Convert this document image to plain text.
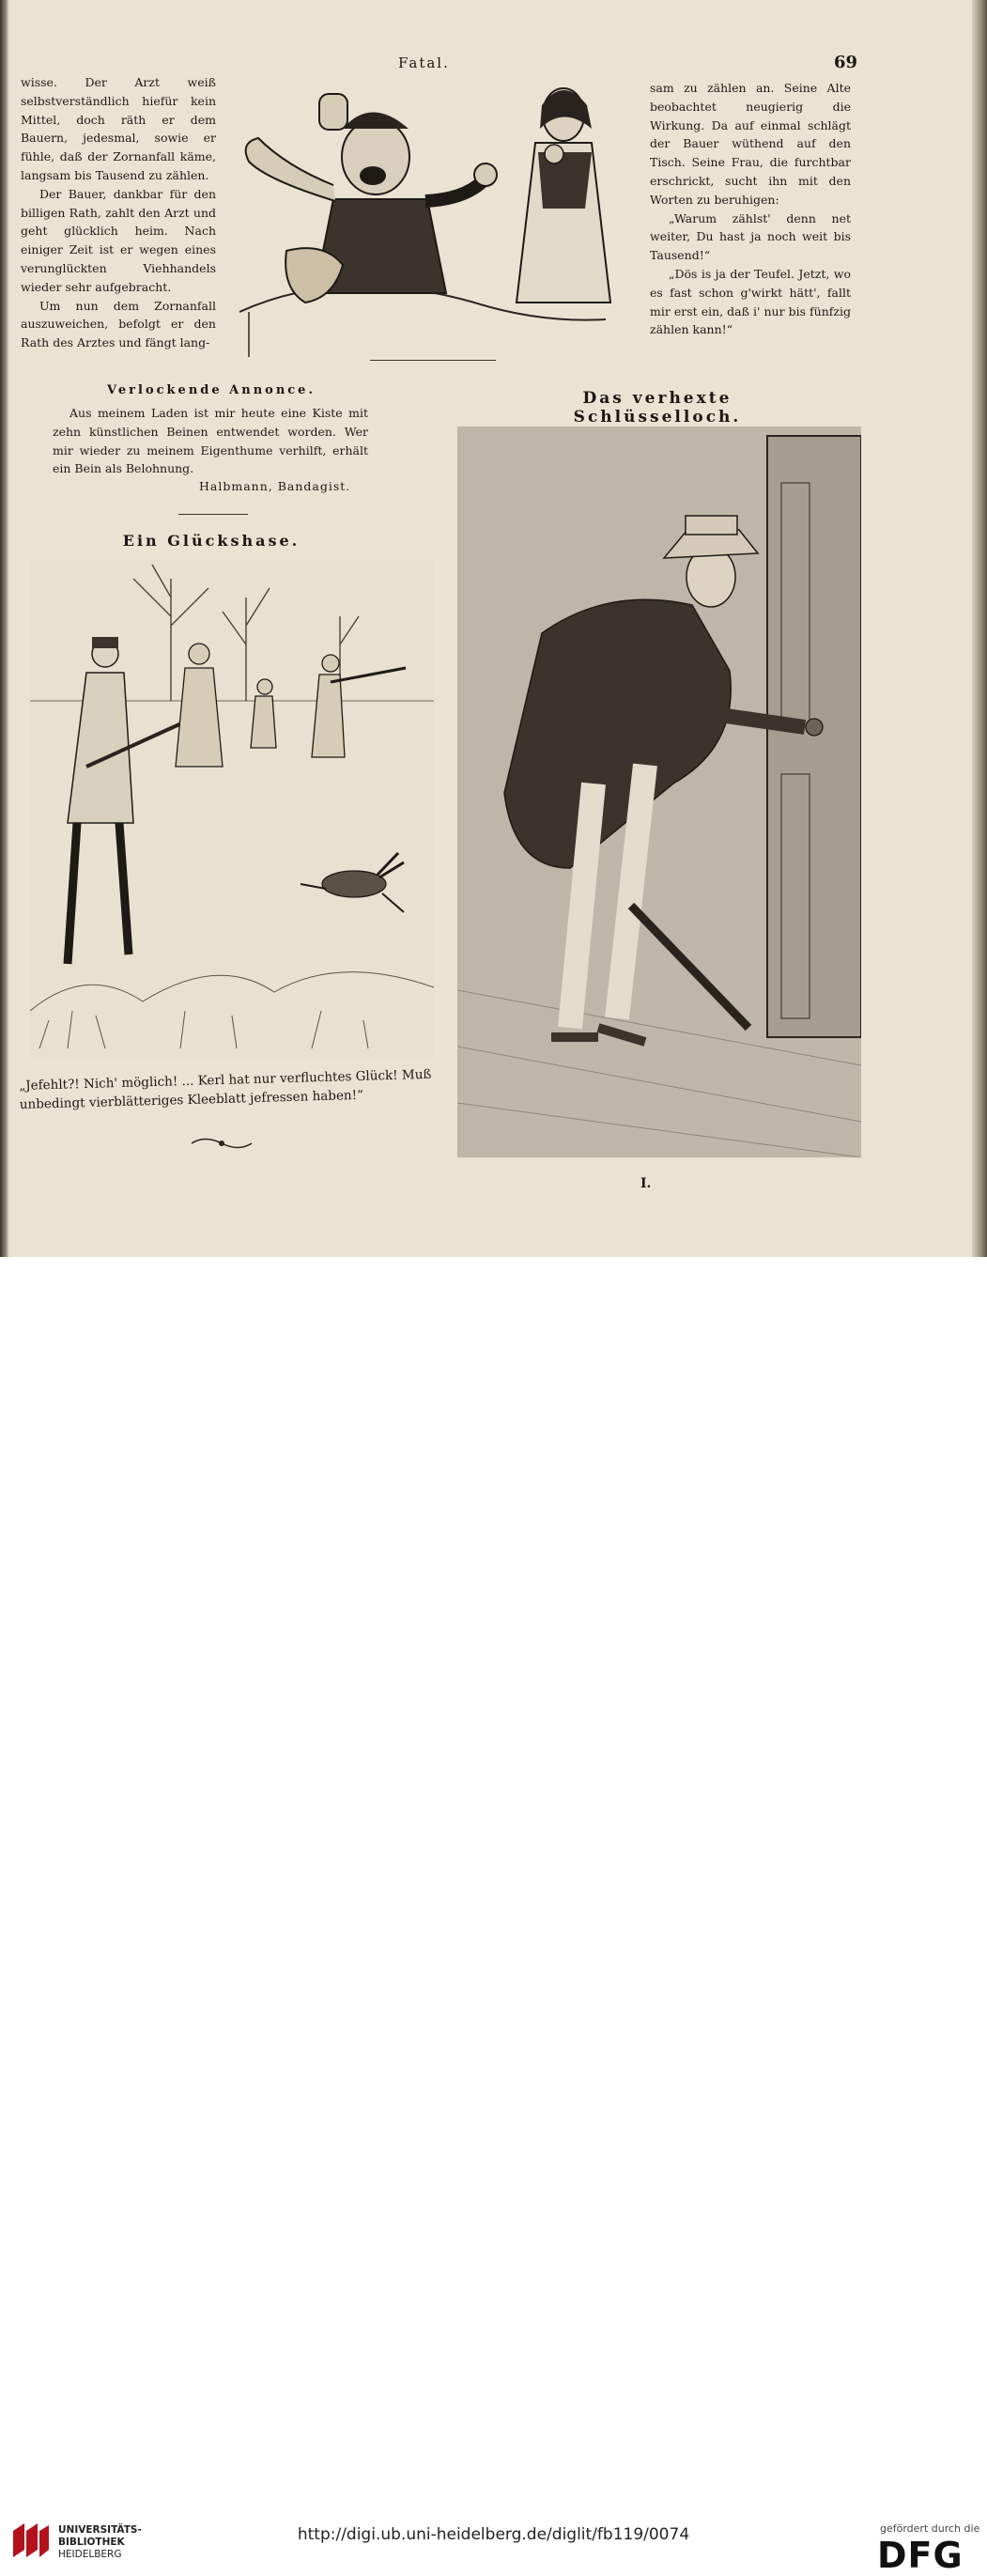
Fatal.	69

wisse. Der Arzt weiß selbstverständlich hiefür kein Mittel, doch räth er dem Bauern, jedesmal, sowie er fühle, daß der Zornanfall käme, langsam bis Tausend zu zählen.

Der Bauer, dankbar für den billigen Rath, zahlt den Arzt und geht glücklich heim. Nach einiger Zeit ist er wegen eines verunglückten Viehhandels wieder sehr aufgebracht.

Um nun dem Zornanfall auszuweichen, befolgt er den Rath des Arztes und fängt lang-

sam zu zählen an. Seine Alte beobachtet neugierig die Wirkung. Da auf einmal schlägt der Bauer wüthend auf den Tisch. Seine Frau, die furchtbar erschrickt, sucht ihn mit den Worten zu beruhigen:

„Warum zählst' denn net weiter, Du hast ja noch weit bis Tausend!“

„Dös is ja der Teufel. Jetzt, wo es fast schon g'wirkt hätt', fallt mir erst ein, daß i' nur bis fünfzig zählen kann!“

Verlockende Annonce.

Aus meinem Laden ist mir heute eine Kiste mit zehn künstlichen Beinen entwendet worden. Wer mir wieder zu meinem Eigenthume verhilft, erhält ein Bein als Belohnung.

Halbmann, Bandagist.
Ein Glückshase.
„Jefehlt?! Nich' möglich! ... Kerl hat nur verfluchtes Glück! Muß unbedingt vierblätteriges Kleeblatt jefressen haben!“
Das verhexte Schlüsselloch.
I.
UNIVERSITÄTS-
BIBLIOTHEK
HEIDELBERG
http://digi.ub.uni-heidelberg.de/diglit/fb119/0074	gefördert durch die
DFG
